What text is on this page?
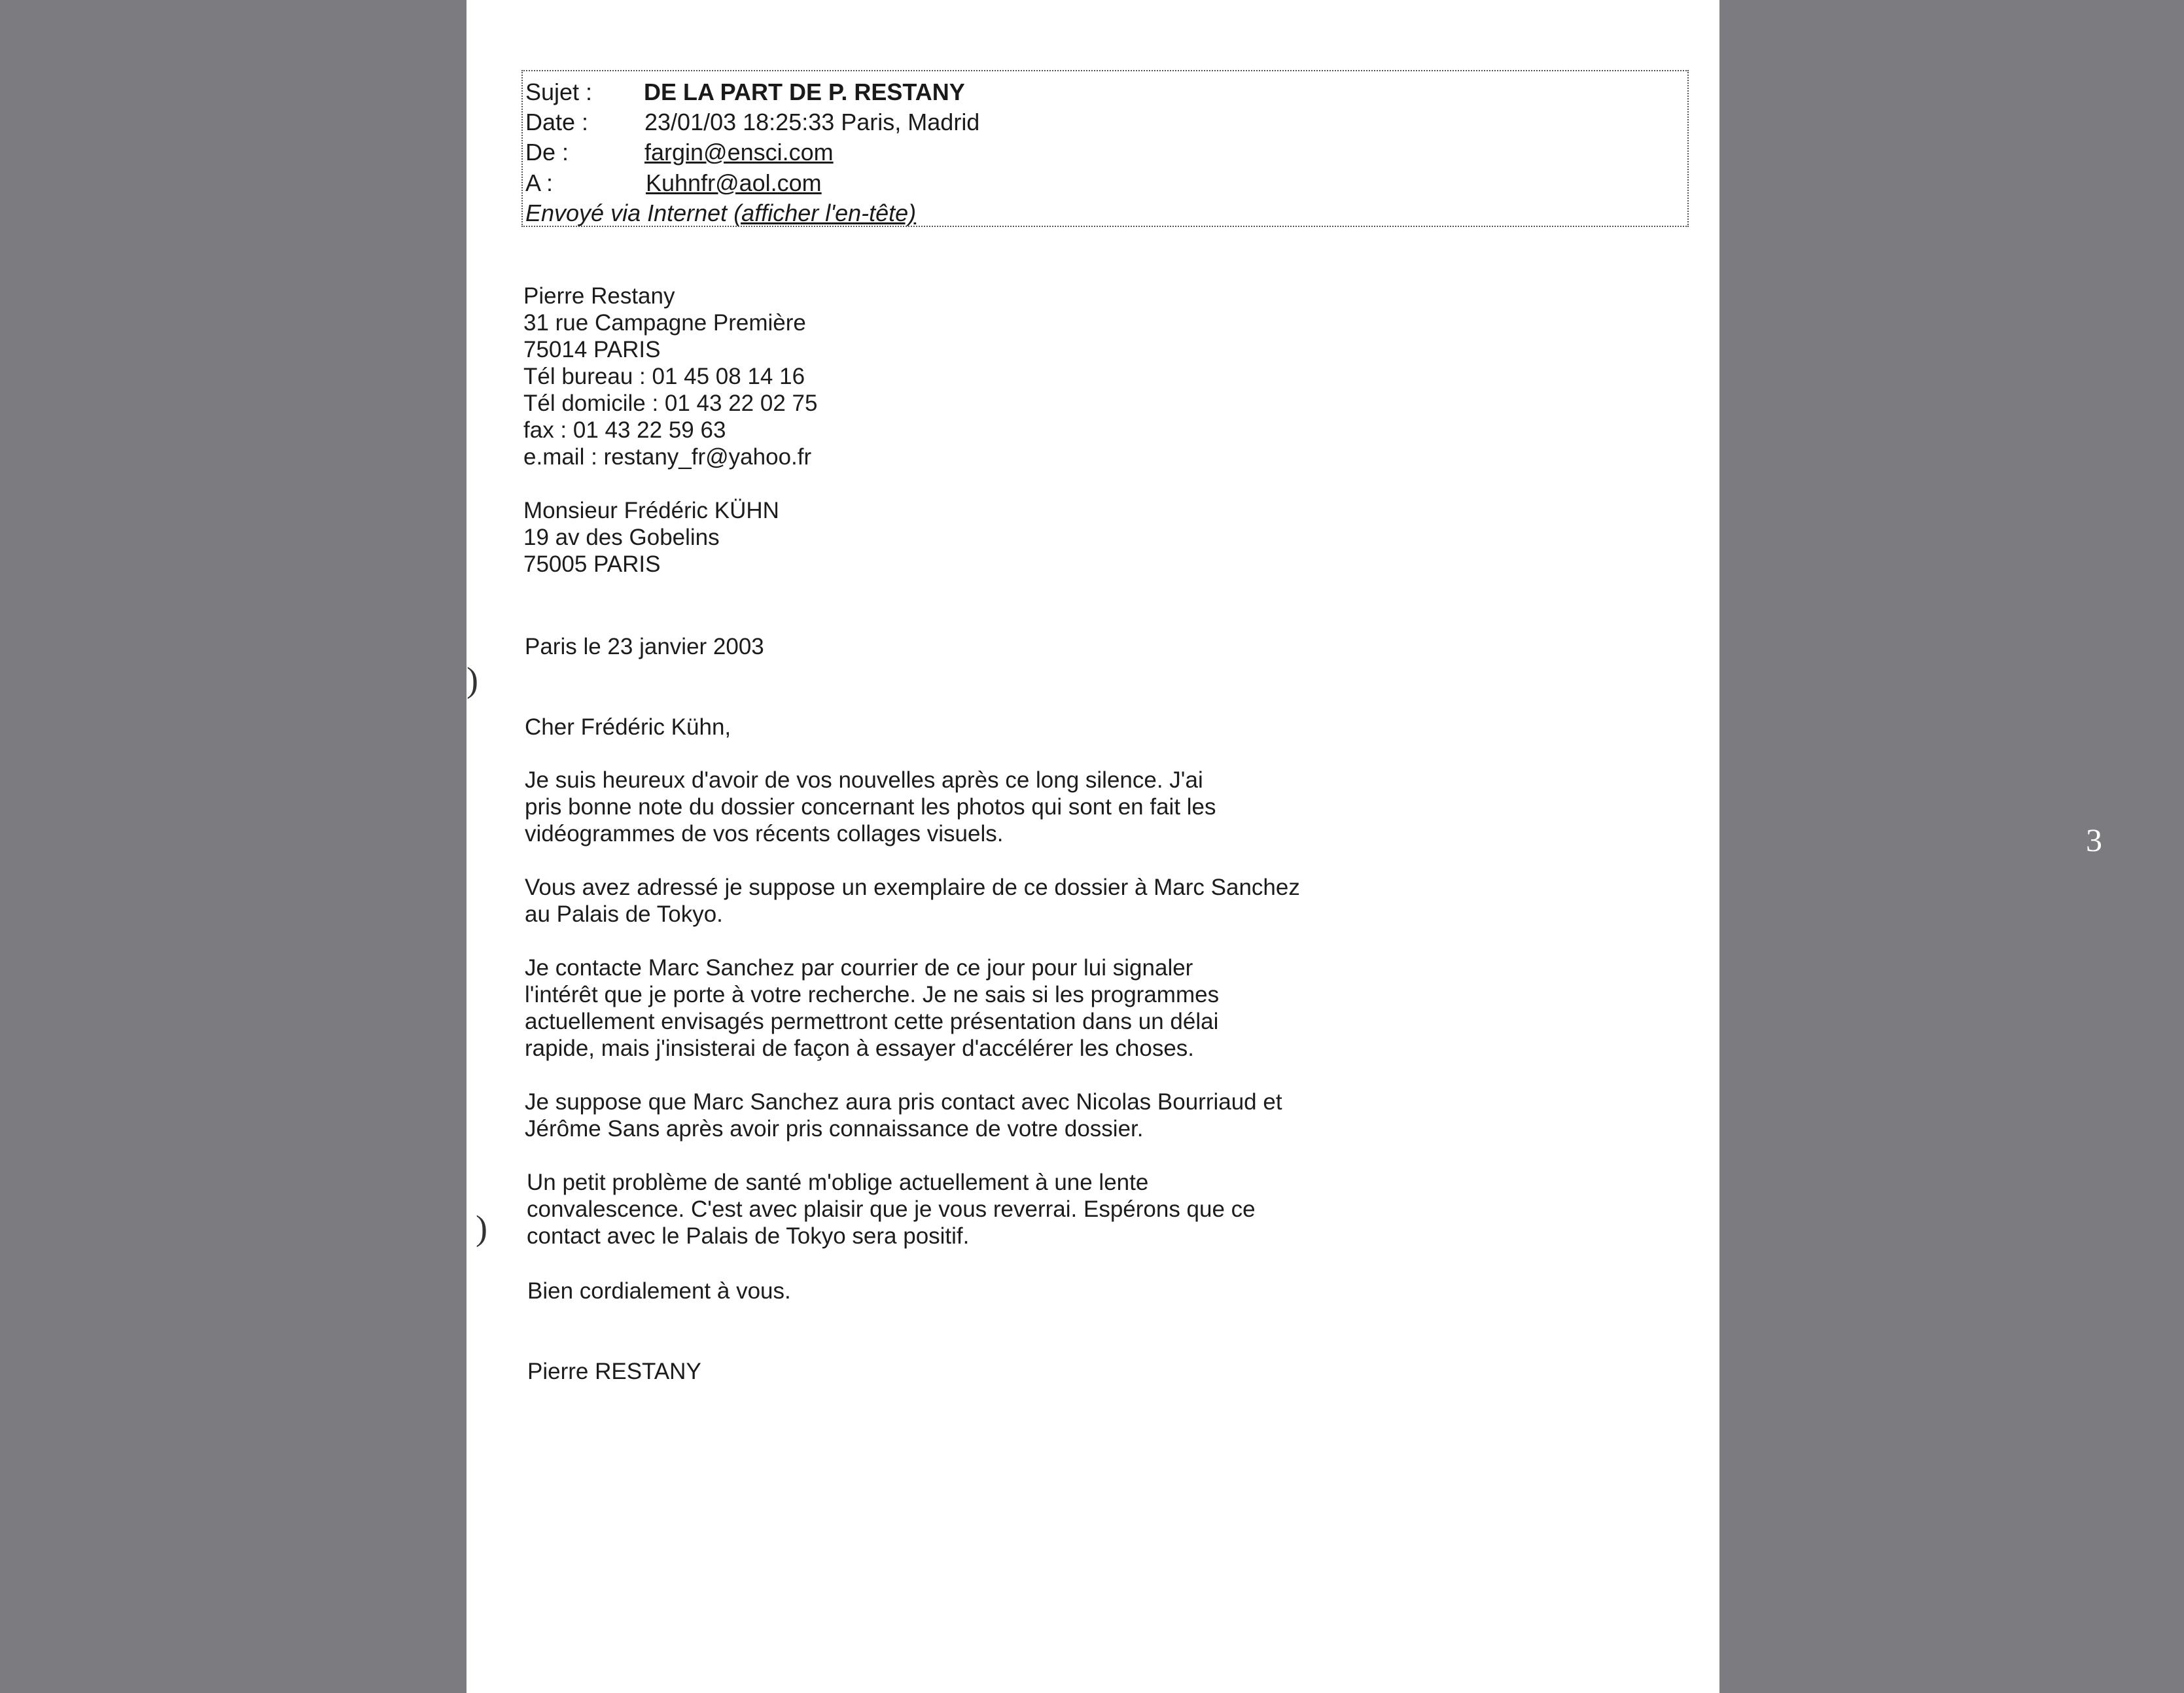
Sujet : DE LA PART DE P. RESTANY
Date : 23/01/03 18:25:33 Paris, Madrid
De :	fargin@ensci.com
A :	Kuhnfr@aol.com
Envoyé via Internet (afficher l'en-tête)
Pierre Restany
31 rue Campagne Première
75014 PARIS
Tél bureau : 01 45 08 14 16
Tél domicile : 01 43 22 02 75
fax : 01 43 22 59 63
e.mail : restany_fr@yahoo.fr
Monsieur Frédéric KÜHN
19 av des Gobelins
75005 PARIS
Paris le 23 janvier 2003
Cher Frédéric Kühn,
Je suis heureux d'avoir de vos nouvelles après ce long silence. J'ai
pris bonne note du dossier concernant les photos qui sont en fait les
vidéogrammes de vos récents collages visuels.
Vous avez adressé je suppose un exemplaire de ce dossier à Marc Sanchez
au Palais de Tokyo.
Je contacte Marc Sanchez par courrier de ce jour pour lui signaler
l'intérêt que je porte à votre recherche. Je ne sais si les programmes
actuellement envisagés permettront cette présentation dans un délai
rapide, mais j'insisterai de façon à essayer d'accélérer les choses.
Je suppose que Marc Sanchez aura pris contact avec Nicolas Bourriaud et
Jérôme Sans après avoir pris connaissance de votre dossier.
Un petit problème de santé m'oblige actuellement à une lente
convalescence. C'est avec plaisir que je vous reverrai. Espérons que ce
contact avec le Palais de Tokyo sera positif.
Bien cordialement à vous.
Pierre RESTANY
)
)
3
